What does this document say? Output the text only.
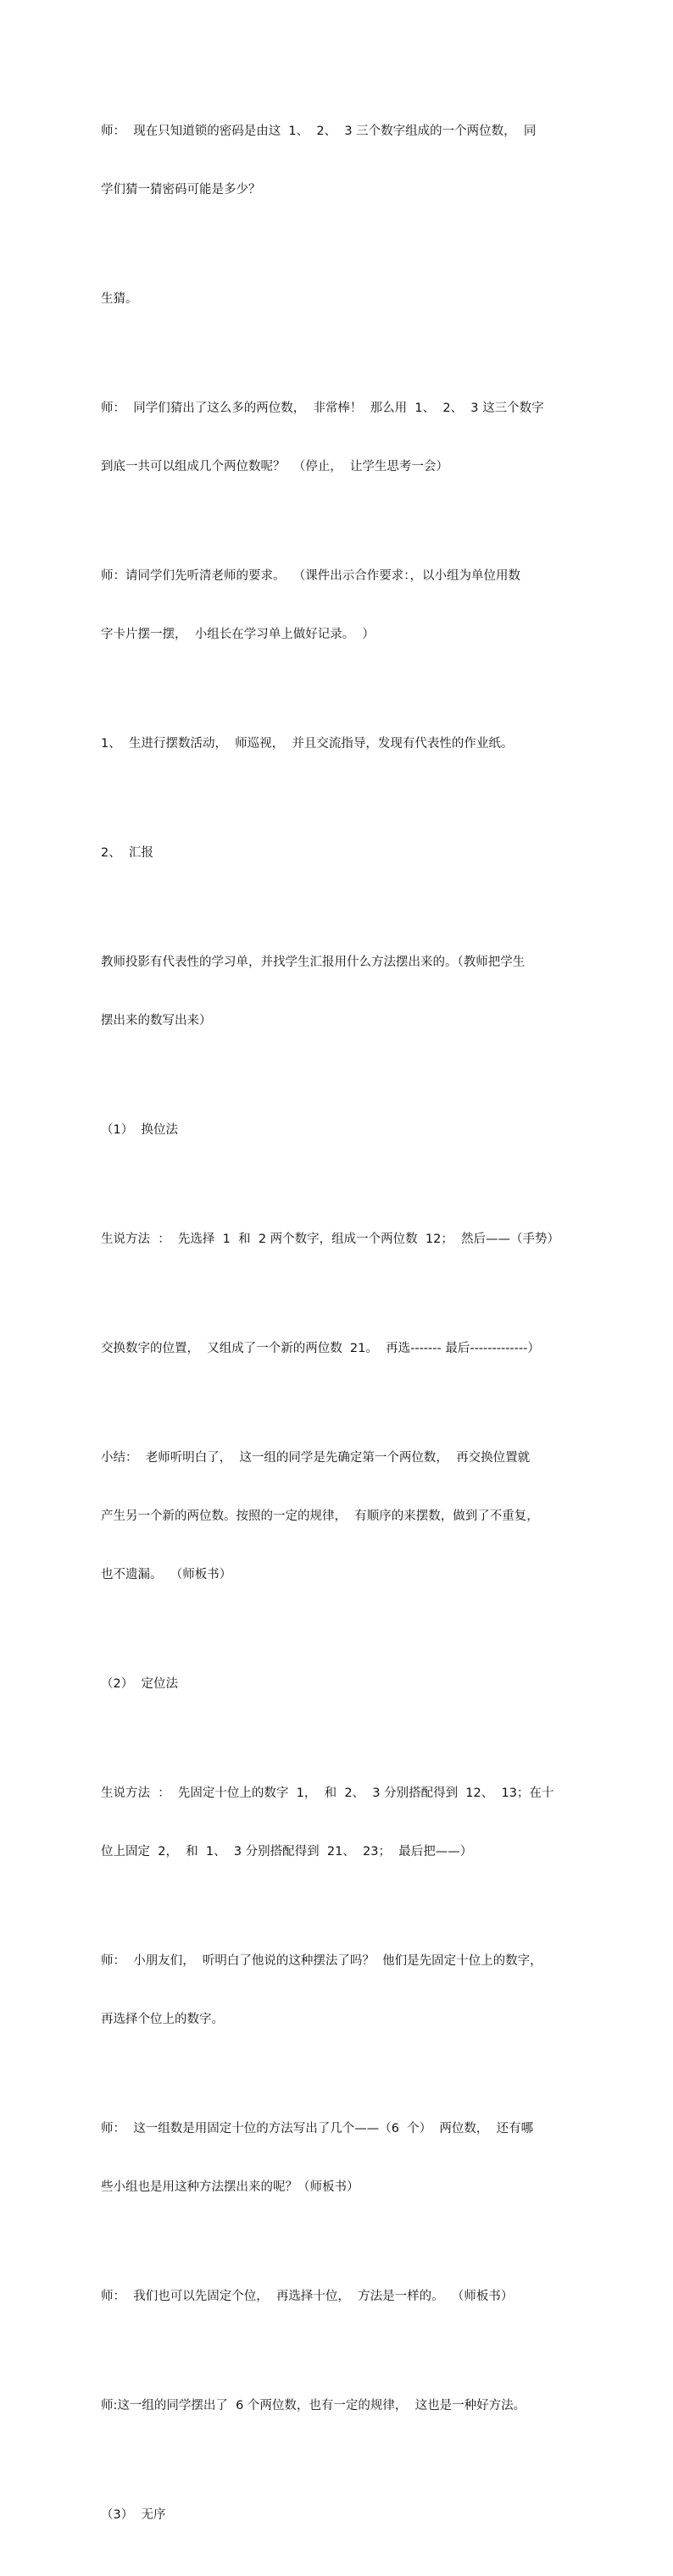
师：  现在只知道锁的密码是由这  1、  2、  3 三个数字组成的一个两位数，  同

学们猜一猜密码可能是多少？

生猜。

师：  同学们猜出了这么多的两位数，  非常棒！  那么用  1、  2、  3 这三个数字

到底一共可以组成几个两位数呢？  （停止，  让学生思考一会）

师：请同学们先听清老师的要求。  （课件出示合作要求：，以小组为单位用数

字卡片摆一摆，  小组长在学习单上做好记录。  ）

1、  生进行摆数活动，  师巡视，  并且交流指导，发现有代表性的作业纸。

2、  汇报

教师投影有代表性的学习单，并找学生汇报用什么方法摆出来的。（教师把学生

摆出来的数写出来）

（1）  换位法

生说方法  ：  先选择  1  和  2 两个数字，组成一个两位数  12；  然后——（手势）

交换数字的位置，  又组成了一个新的两位数  21。  再选------- 最后-------------）

小结：  老师听明白了，  这一组的同学是先确定第一个两位数，  再交换位置就

产生另一个新的两位数。按照的一定的规律，  有顺序的来摆数，做到了不重复，

也不遗漏。  （师板书）

（2）  定位法

生说方法  ：  先固定十位上的数字  1，  和  2、  3 分别搭配得到  12、  13；在十

位上固定  2，  和  1、  3 分别搭配得到  21、  23；  最后把——）

师：  小朋友们，  听明白了他说的这种摆法了吗？  他们是先固定十位上的数字，

再选择个位上的数字。

师：  这一组数是用固定十位的方法写出了几个——（6  个）  两位数，  还有哪

些小组也是用这种方法摆出来的呢？（师板书）

师：  我们也可以先固定个位，  再选择十位，  方法是一样的。  （师板书）

师:这一组的同学摆出了  6 个两位数，也有一定的规律，  这也是一种好方法。

（3）  无序
